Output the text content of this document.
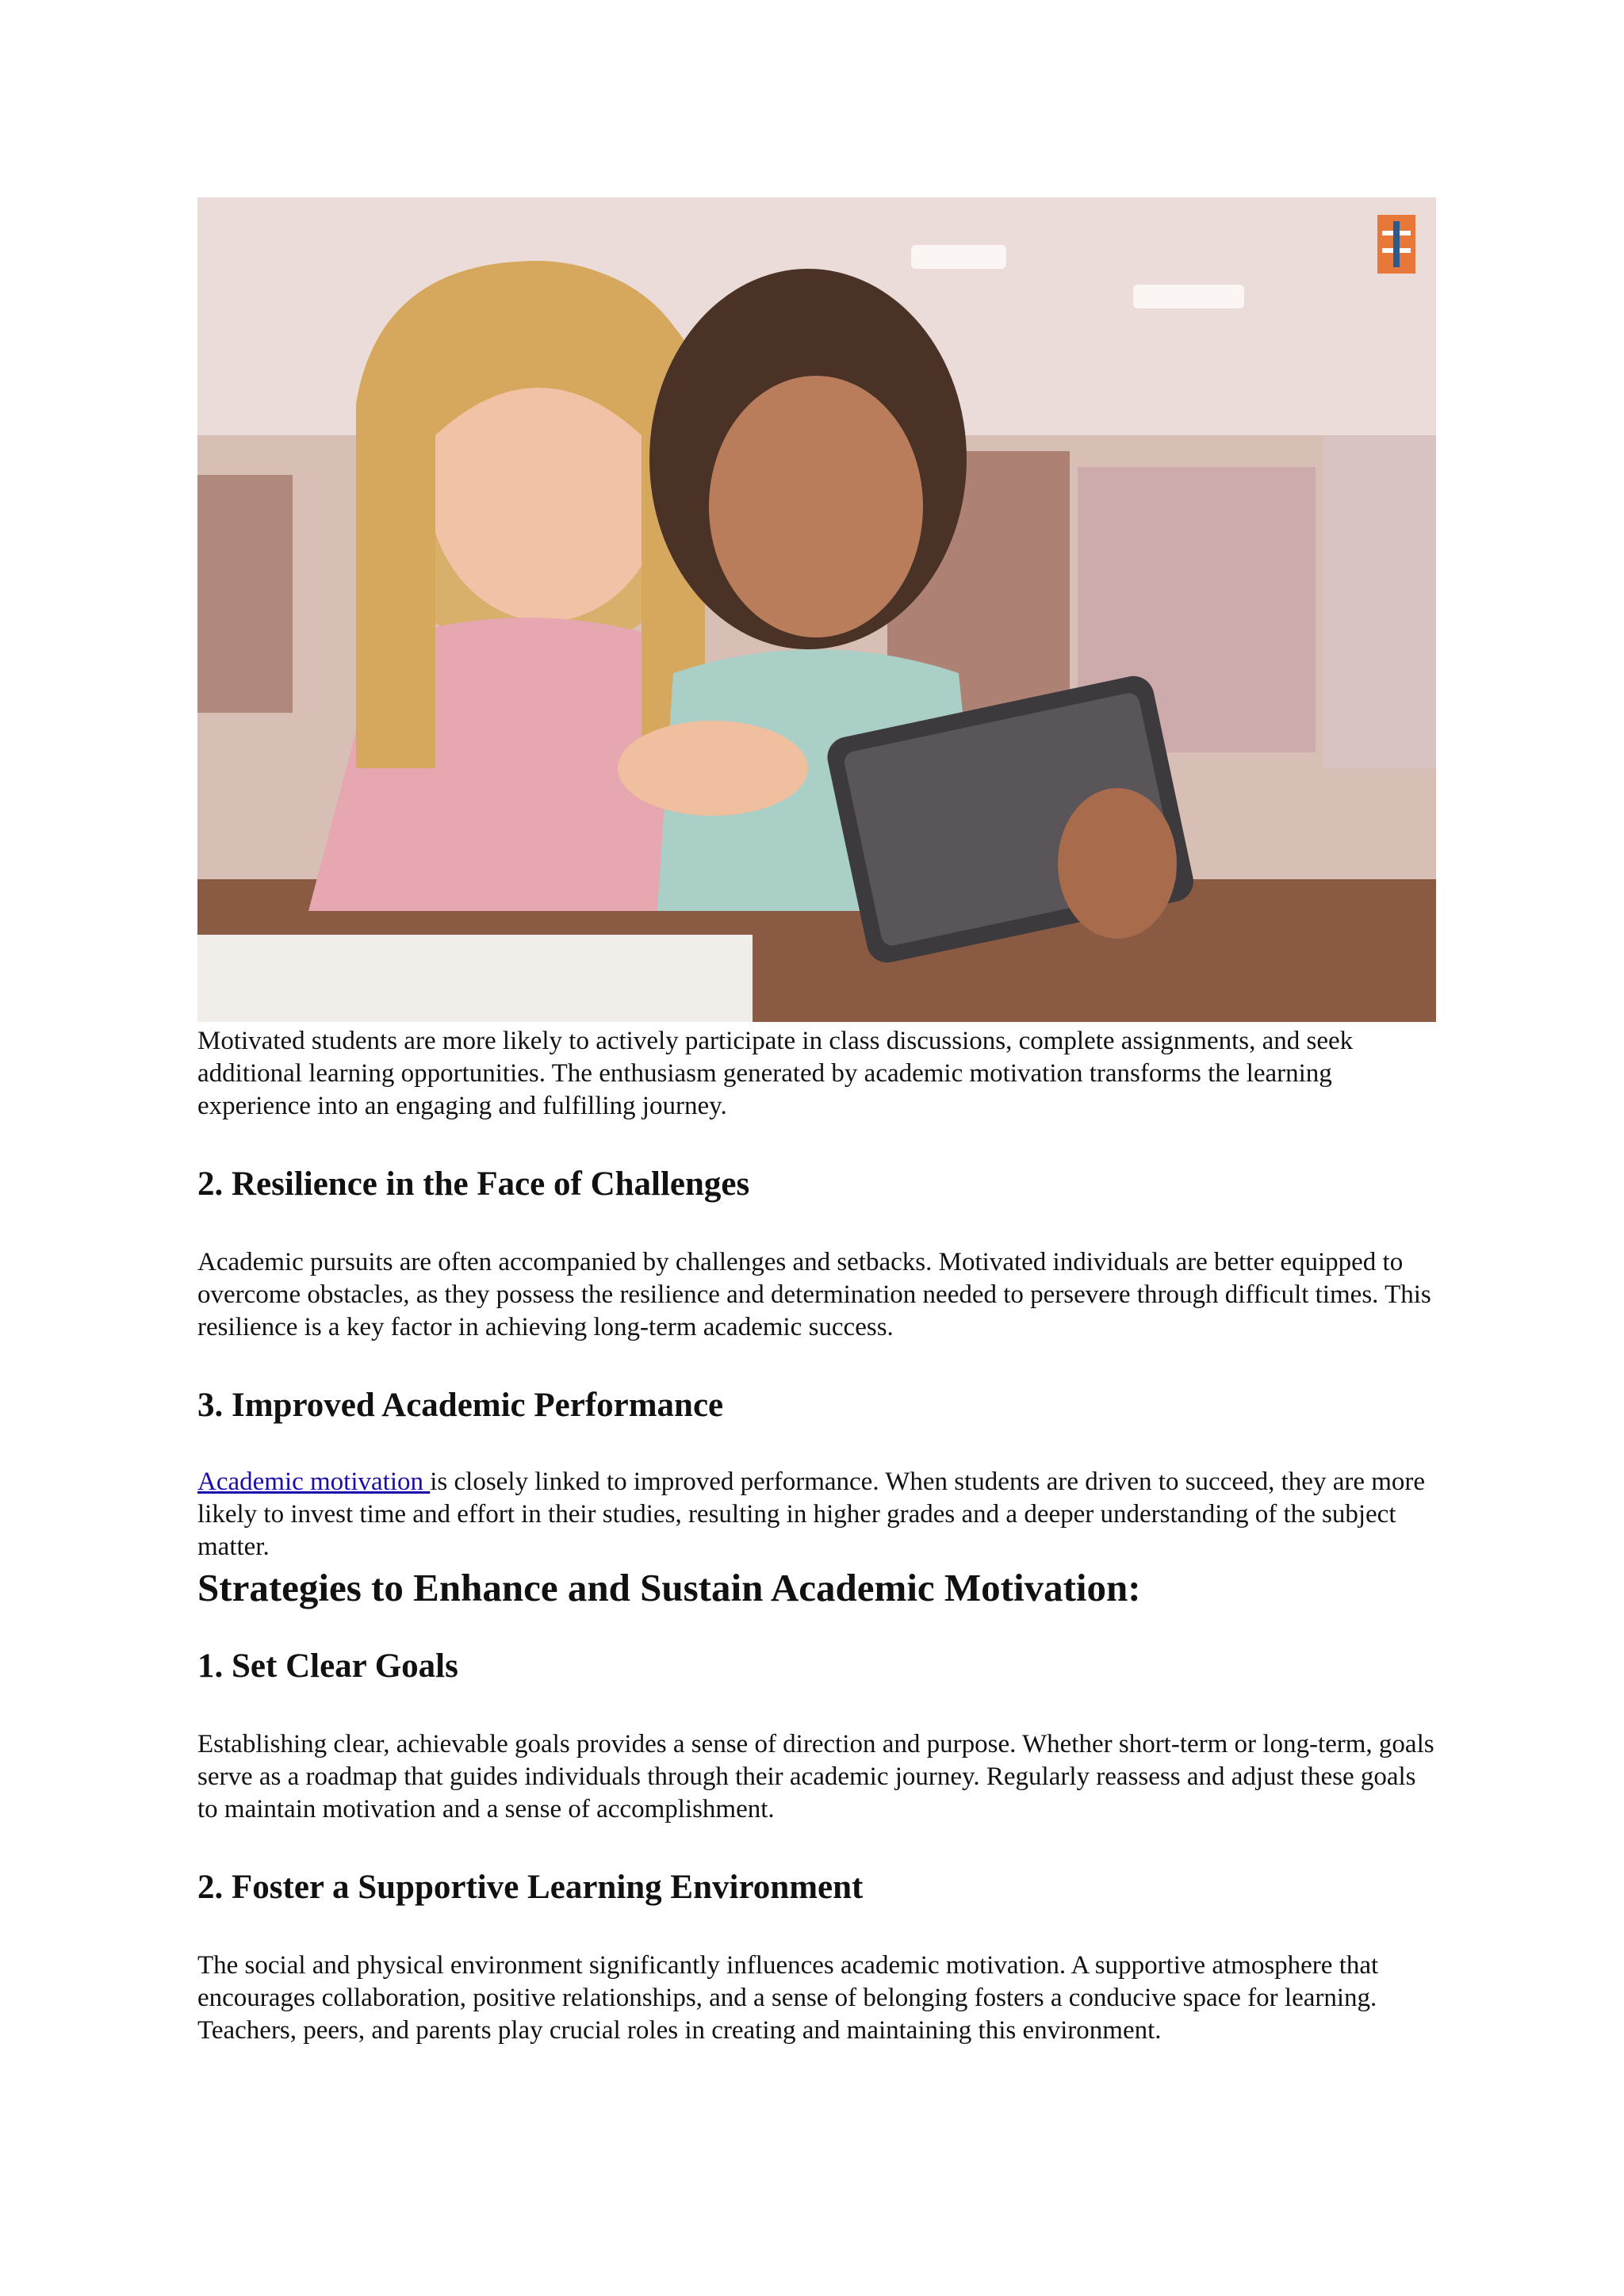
Motivated students are more likely to actively participate in class discussions, complete assignments, and seek additional learning opportunities. The enthusiasm generated by academic motivation transforms the learning experience into an engaging and fulfilling journey.

2. Resilience in the Face of Challenges

Academic pursuits are often accompanied by challenges and setbacks. Motivated individuals are better equipped to overcome obstacles, as they possess the resilience and determination needed to persevere through difficult times. This resilience is a key factor in achieving long-term academic success.

3. Improved Academic Performance

Academic motivation is closely linked to improved performance. When students are driven to succeed, they are more likely to invest time and effort in their studies, resulting in higher grades and a deeper understanding of the subject matter.

Strategies to Enhance and Sustain Academic Motivation:
1. Set Clear Goals

Establishing clear, achievable goals provides a sense of direction and purpose. Whether short-term or long-term, goals serve as a roadmap that guides individuals through their academic journey. Regularly reassess and adjust these goals to maintain motivation and a sense of accomplishment.

2. Foster a Supportive Learning Environment

The social and physical environment significantly influences academic motivation. A supportive atmosphere that encourages collaboration, positive relationships, and a sense of belonging fosters a conducive space for learning. Teachers, peers, and parents play crucial roles in creating and maintaining this environment.
